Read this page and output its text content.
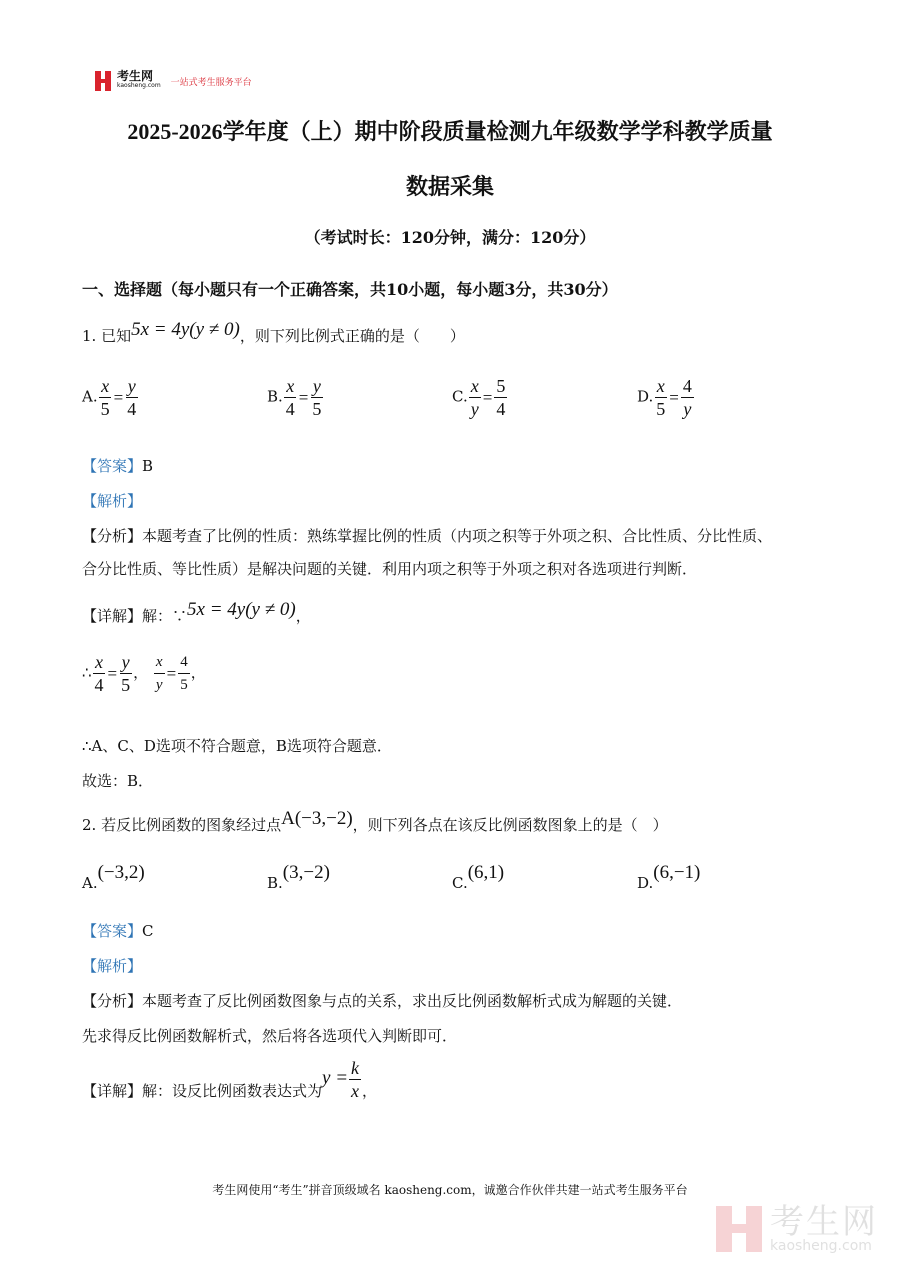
考生网
kaosheng.com 一站式考生服务平台
2025-2026学年度（上）期中阶段质量检测九年级数学学科教学质量
数据采集
（考试时长：120分钟，满分：120分）
一、选择题（每小题只有一个正确答案，共10小题，每小题3分，共30分）
1. 已知5x = 4y(y ≠ 0)，则下列比例式正确的是（　　）
A. $\frac{x}{5} = \frac{y}{4}$	B. $\frac{x}{4} = \frac{y}{5}$	C. $\frac{x}{y} = \frac{5}{4}$	D. $\frac{x}{5} = \frac{4}{y}$
【答案】B
【解析】
【分析】本题考查了比例的性质：熟练掌握比例的性质（内项之积等于外项之积、合比性质、分比性质、
合分比性质、等比性质）是解决问题的关键．利用内项之积等于外项之积对各选项进行判断．
【详解】解：∵5x = 4y(y ≠ 0)，
∴ $\frac{x}{4} = \frac{y}{5}$ ， $\frac{x}{y} = \frac{4}{5}$ ，
∴A、C、D选项不符合题意，B选项符合题意．
故选：B．
2. 若反比例函数的图象经过点A(−3,−2)，则下列各点在该反比例函数图象上的是（　）
A.(−3,2)	B.(3,−2)	C.(6,1)	D.(6,−1)
【答案】C
【解析】
【分析】本题考查了反比例函数图象与点的关系，求出反比例函数解析式成为解题的关键．
先求得反比例函数解析式，然后将各选项代入判断即可．
【详解】解：设反比例函数表达式为$y = \frac{k}{x}$ ，
考生网使用“考生”拼音顶级域名 kaosheng.com，诚邀合作伙伴共建一站式考生服务平台
考生网
kaosheng.com
